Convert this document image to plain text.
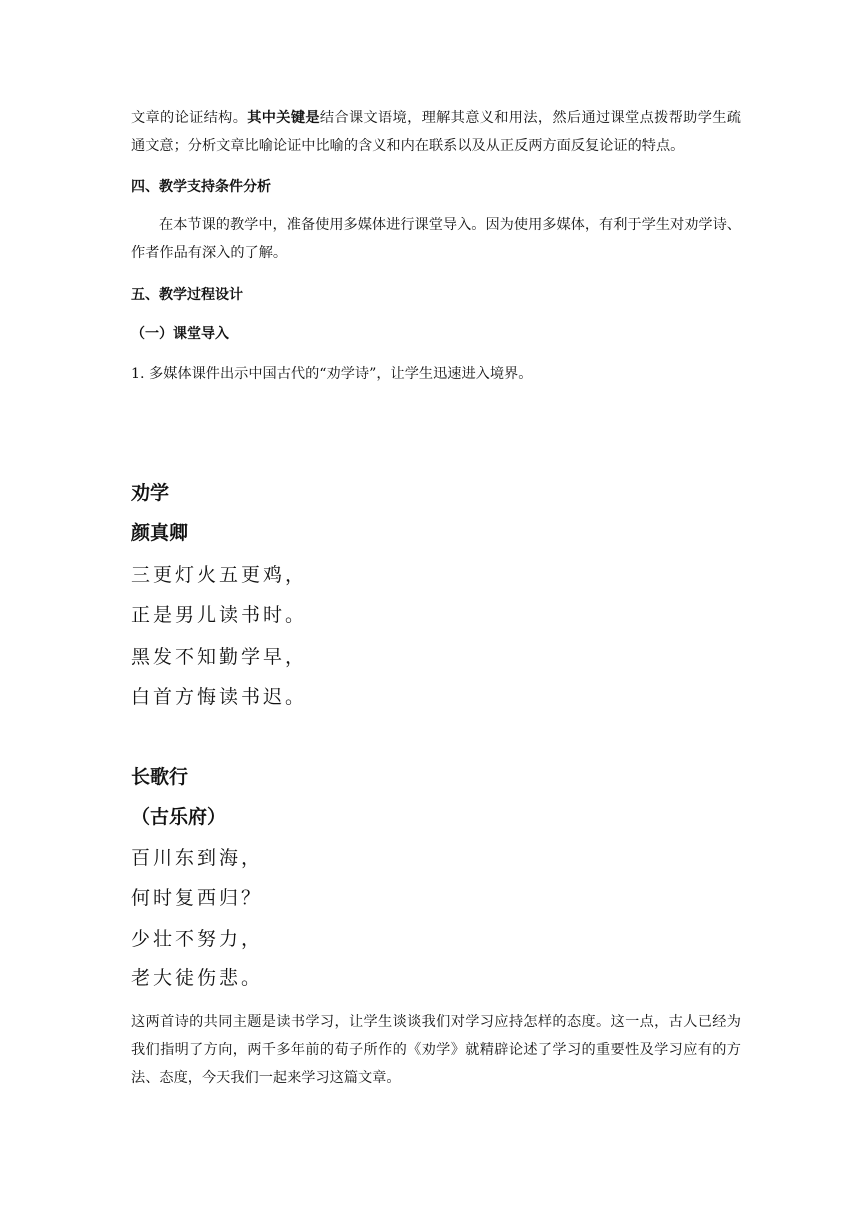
文章的论证结构。其中关键是结合课文语境，理解其意义和用法，然后通过课堂点拨帮助学生疏通文意；分析文章比喻论证中比喻的含义和内在联系以及从正反两方面反复论证的特点。

四、教学支持条件分析

在本节课的教学中，准备使用多媒体进行课堂导入。因为使用多媒体，有利于学生对劝学诗、作者作品有深入的了解。

五、教学过程设计
（一）课堂导入

1. 多媒体课件出示中国古代的“劝学诗”，让学生迅速进入境界。

劝学

颜真卿

三更灯火五更鸡，

正是男儿读书时。

黑发不知勤学早，

白首方悔读书迟。

长歌行

（古乐府）

百川东到海，

何时复西归？

少壮不努力，

老大徒伤悲。

这两首诗的共同主题是读书学习，让学生谈谈我们对学习应持怎样的态度。这一点，古人已经为我们指明了方向，两千多年前的荀子所作的《劝学》就精辟论述了学习的重要性及学习应有的方法、态度，今天我们一起来学习这篇文章。
